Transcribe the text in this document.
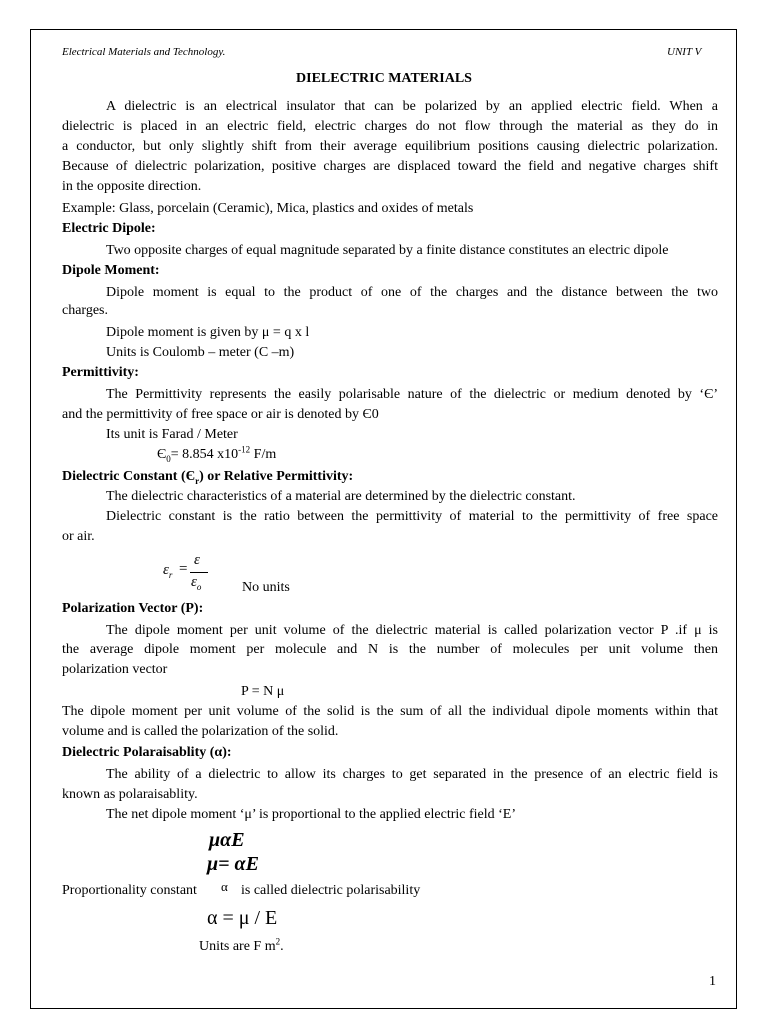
Electrical Materials and Technology.	UNIT V
DIELECTRIC MATERIALS
A dielectric is an electrical insulator that can be polarized by an applied electric field. When a
dielectric is placed in an electric field, electric charges do not flow through the material as they do in
a conductor, but only slightly shift from their average equilibrium positions causing dielectric polarization.
Because of dielectric polarization, positive charges are displaced toward the field and negative charges shift
in the opposite direction.
Example: Glass, porcelain (Ceramic), Mica, plastics and oxides of metals
Electric Dipole:
Two opposite charges of equal magnitude separated by a finite distance constitutes an electric dipole
Dipole Moment:
Dipole moment is equal to the product of one of the charges and the distance between the two
charges.
Dipole moment is given by μ = q x l
Units is Coulomb – meter (C –m)
Permittivity:
The Permittivity represents the easily polarisable nature of the dielectric or medium denoted by ‘Є’
and the permittivity of free space or air is denoted by Є0
Its unit is Farad / Meter
$Є_0= 8.854$ $x10^{-12}$ F/m
Dielectric Constant $(Є_r)$ or Relative Permittivity:
The dielectric characteristics of a material are determined by the dielectric constant.
Dielectric constant is the ratio between the permittivity of material to the permittivity of free space
or air.
$\varepsilon_r$ =
ε
$\varepsilon_o$	No units
Polarization Vector (P):
The dipole moment per unit volume of the dielectric material is called polarization vector P .if μ is
the average dipole moment per molecule and N is the number of molecules per unit volume then
polarization vector
P = N μ
The dipole moment per unit volume of the solid is the sum of all the individual dipole moments within that
volume and is called the polarization of the solid.
Dielectric Polaraisablity (α):
The ability of a dielectric to allow its charges to get separated in the presence of an electric field is
known as polaraisablity.
The net dipole moment ‘μ’ is proportional to the applied electric field ‘E’
μαE
μ= αE
Proportionality constant α is called dielectric polarisability
α = μ / E
Units are F $m^2$.
1
